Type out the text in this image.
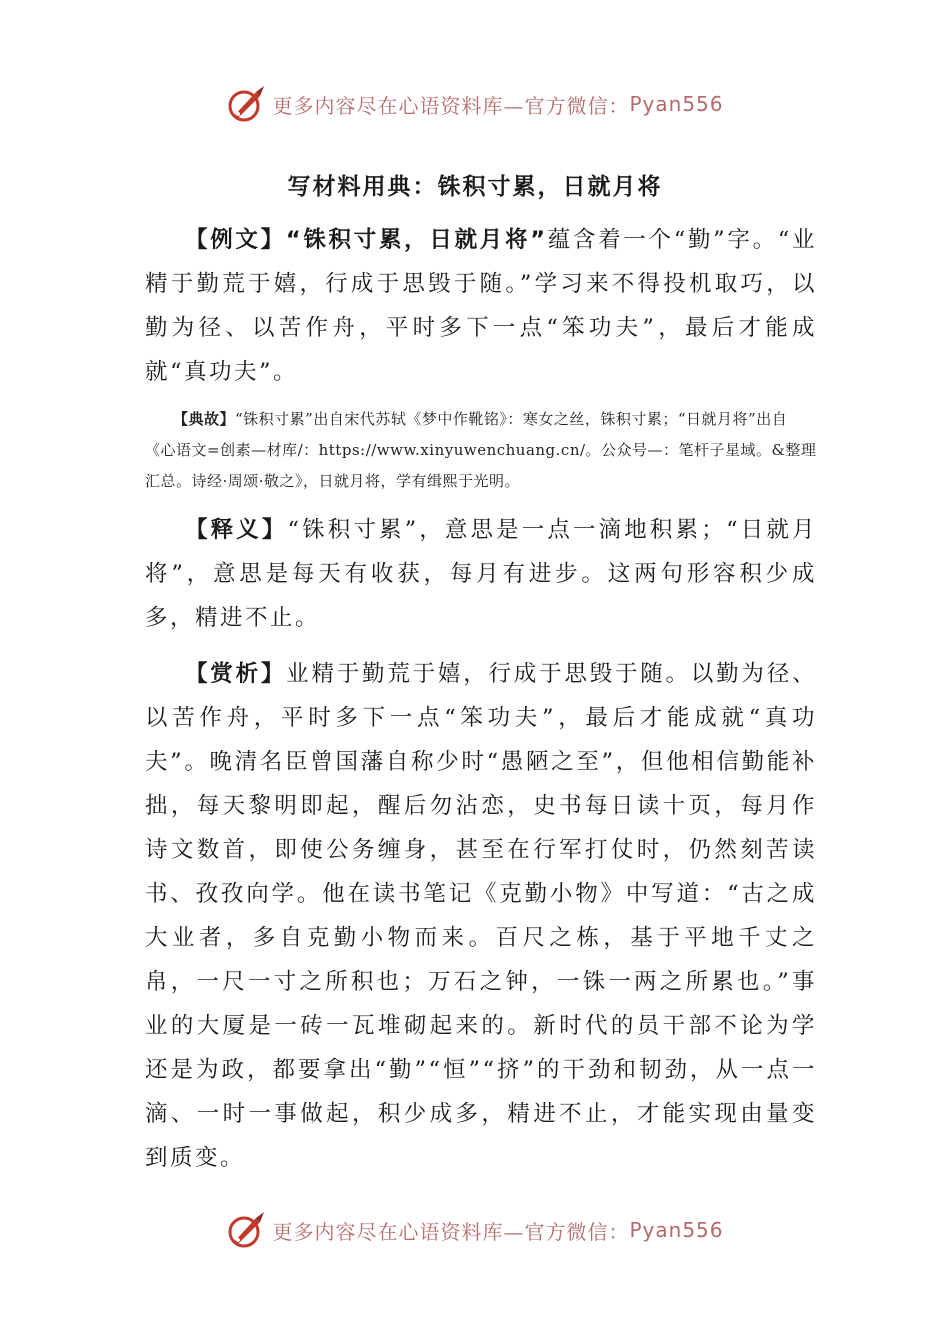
更多内容尽在心语资料库—官方微信： Pyan556
写材料用典：铢积寸累，日就月将
【例文】“铢积寸累，日就月将”蕴含着一个“勤”字。“业精于勤荒于嬉，行成于思毁于随。”学习来不得投机取巧，以勤为径、以苦作舟，平时多下一点“笨功夫”，最后才能成就“真功夫”。
【典故】“铢积寸累”出自宋代苏轼《梦中作靴铭》：寒女之丝，铢积寸累；“日就月将”出自《心语文=创素—材库/：https://www.xinyuwenchuang.cn/。公众号—：笔杆子星域。&整理汇总。诗经·周颂·敬之》，日就月将，学有缉熙于光明。
【释义】“铢积寸累”，意思是一点一滴地积累；“日就月将”，意思是每天有收获，每月有进步。这两句形容积少成多，精进不止。
【赏析】业精于勤荒于嬉，行成于思毁于随。以勤为径、以苦作舟，平时多下一点“笨功夫”，最后才能成就“真功夫”。晚清名臣曾国藩自称少时“愚陋之至”，但他相信勤能补拙，每天黎明即起，醒后勿沾恋，史书每日读十页，每月作诗文数首，即使公务缠身，甚至在行军打仗时，仍然刻苦读书、孜孜向学。他在读书笔记《克勤小物》中写道：“古之成大业者，多自克勤小物而来。百尺之栋，基于平地千丈之帛，一尺一寸之所积也；万石之钟，一铢一两之所累也。”事业的大厦是一砖一瓦堆砌起来的。新时代的员干部不论为学还是为政，都要拿出“勤”“恒”“挤”的干劲和韧劲，从一点一滴、一时一事做起，积少成多，精进不止，才能实现由量变到质变。
更多内容尽在心语资料库—官方微信： Pyan556
